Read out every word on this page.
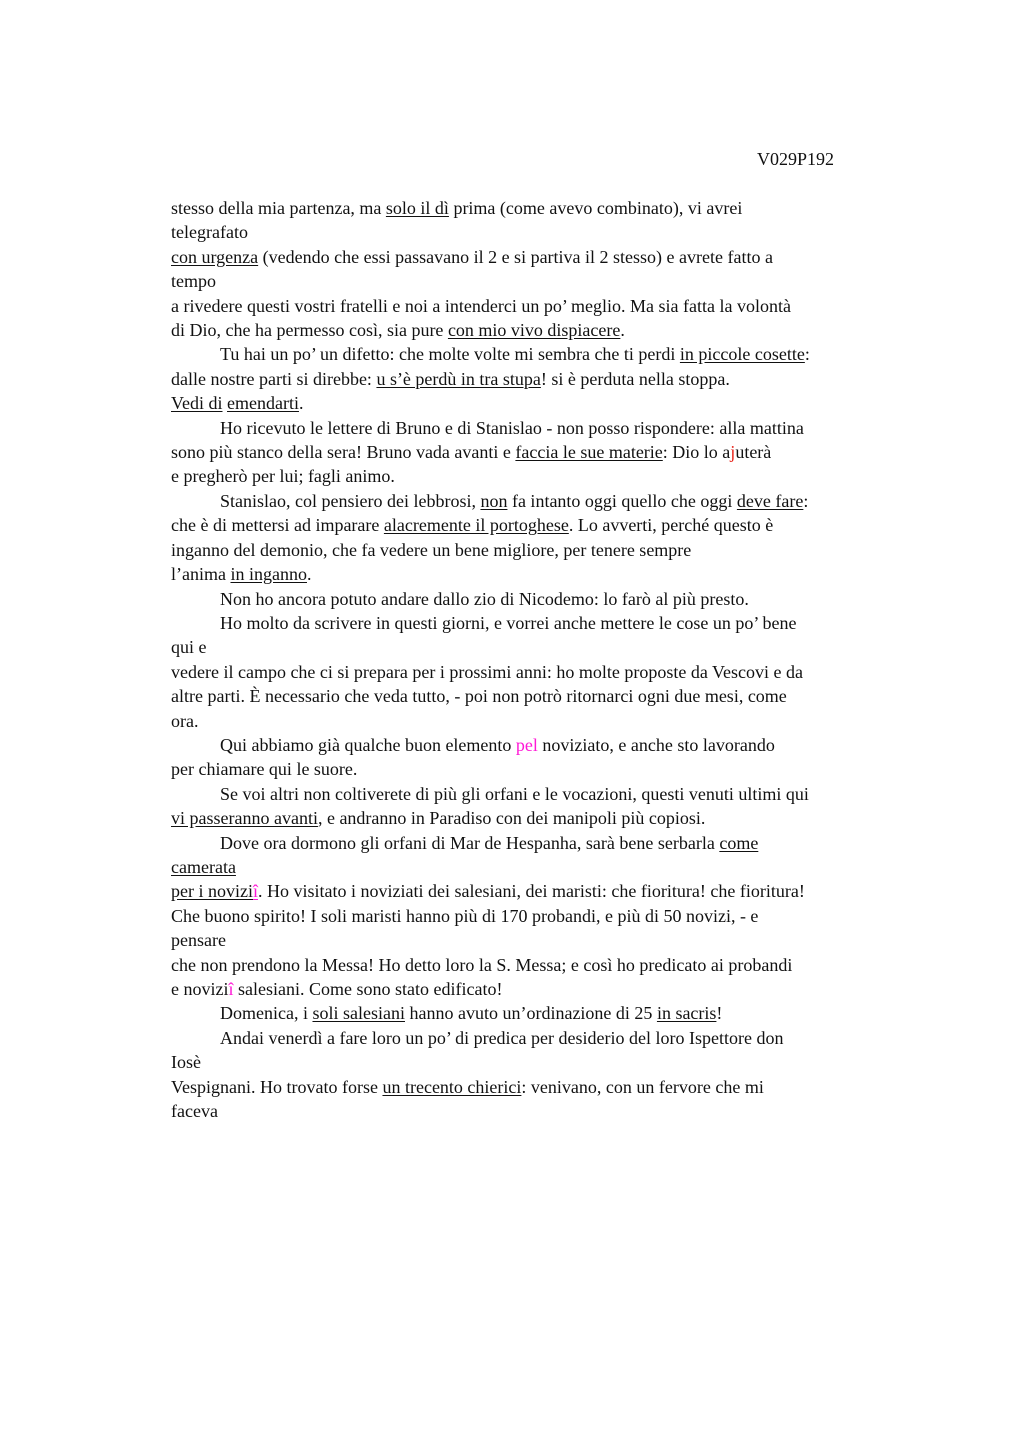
V029P192
stesso della mia partenza, ma solo il dì prima (come avevo combinato), vi avrei
telegrafato
con urgenza (vedendo che essi passavano il 2 e si partiva il 2 stesso) e avrete fatto a
tempo
a rivedere questi vostri fratelli e noi a intenderci un po’ meglio. Ma sia fatta la volontà
di Dio, che ha permesso così, sia pure con mio vivo dispiacere.
Tu hai un po’ un difetto: che molte volte mi sembra che ti perdi in piccole cosette:
dalle nostre parti si direbbe: u s’è perdù in tra stupa! si è perduta nella stoppa.
Vedi di emendarti.
Ho ricevuto le lettere di Bruno e di Stanislao - non posso rispondere: alla mattina
sono più stanco della sera! Bruno vada avanti e faccia le sue materie: Dio lo ajuterà
e pregherò per lui; fagli animo.
Stanislao, col pensiero dei lebbrosi, non fa intanto oggi quello che oggi deve fare:
che è di mettersi ad imparare alacremente il portoghese. Lo avverti, perché questo è
inganno del demonio, che fa vedere un bene migliore, per tenere sempre
l’anima in inganno.
Non ho ancora potuto andare dallo zio di Nicodemo: lo farò al più presto.
Ho molto da scrivere in questi giorni, e vorrei anche mettere le cose un po’ bene
qui e
vedere il campo che ci si prepara per i prossimi anni: ho molte proposte da Vescovi e da
altre parti. È necessario che veda tutto, - poi non potrò ritornarci ogni due mesi, come
ora.
Qui abbiamo già qualche buon elemento pel noviziato, e anche sto lavorando
per chiamare qui le suore.
Se voi altri non coltiverete di più gli orfani e le vocazioni, questi venuti ultimi qui
vi passeranno avanti, e andranno in Paradiso con dei manipoli più copiosi.
Dove ora dormono gli orfani di Mar de Hespanha, sarà bene serbarla come
camerata
per i noviziî. Ho visitato i noviziati dei salesiani, dei maristi: che fioritura! che fioritura!
Che buono spirito! I soli maristi hanno più di 170 probandi, e più di 50 novizi, - e
pensare
che non prendono la Messa! Ho detto loro la S. Messa; e così ho predicato ai probandi
e noviziî salesiani. Come sono stato edificato!
Domenica, i soli salesiani hanno avuto un’ordinazione di 25 in sacris!
Andai venerdì a fare loro un po’ di predica per desiderio del loro Ispettore don
Iosè
Vespignani. Ho trovato forse un trecento chierici: venivano, con un fervore che mi
faceva
